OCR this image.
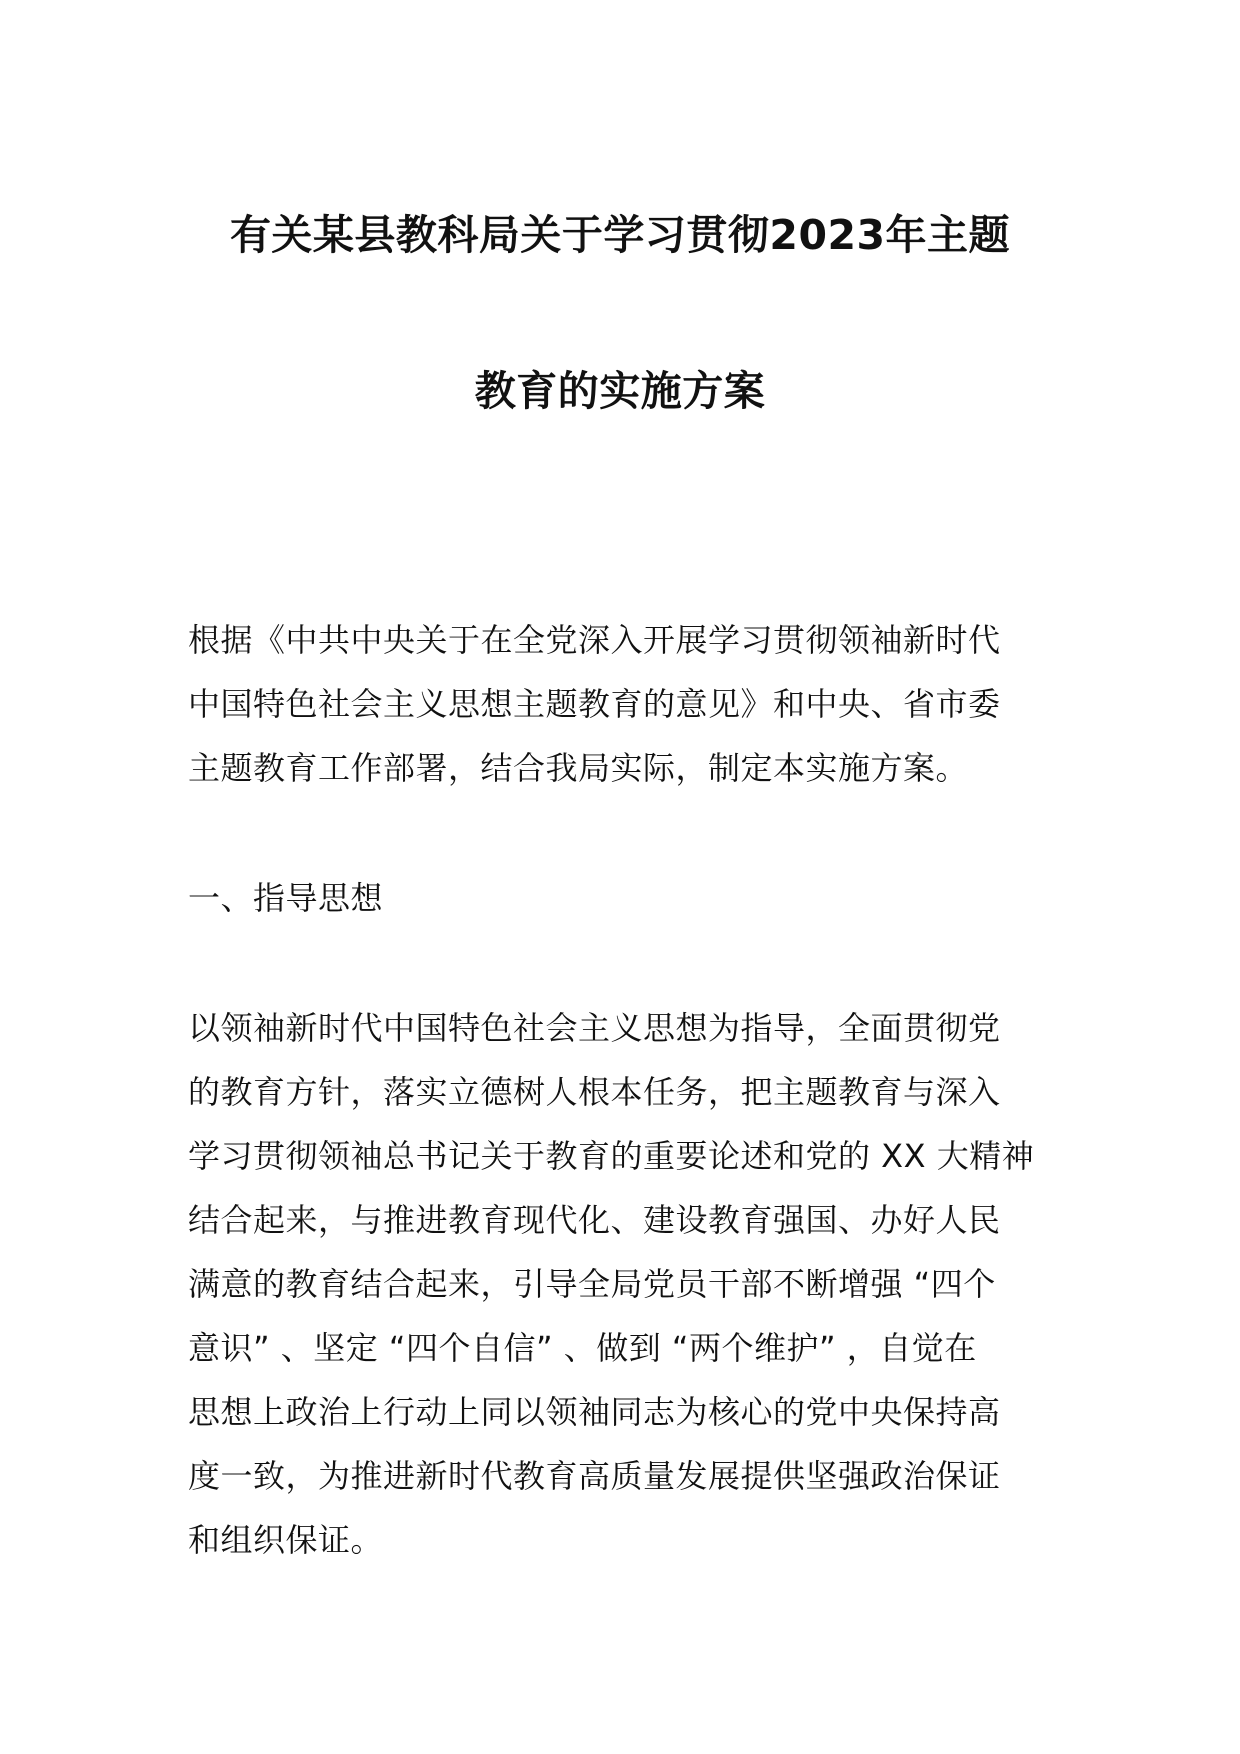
有关某县教科局关于学习贯彻2023年主题
教育的实施方案
根据《中共中央关于在全党深入开展学习贯彻领袖新时代
中国特色社会主义思想主题教育的意见》和中央、省市委
主题教育工作部署，结合我局实际，制定本实施方案。
一、指导思想
以领袖新时代中国特色社会主义思想为指导，全面贯彻党
的教育方针，落实立德树人根本任务，把主题教育与深入
学习贯彻领袖总书记关于教育的重要论述和党的 XX 大精神
结合起来，与推进教育现代化、建设教育强国、办好人民
满意的教育结合起来，引导全局党员干部不断增强 “四个
意识” 、坚定 “四个自信” 、做到 “两个维护” ，自觉在
思想上政治上行动上同以领袖同志为核心的党中央保持高
度一致，为推进新时代教育高质量发展提供坚强政治保证
和组织保证。
